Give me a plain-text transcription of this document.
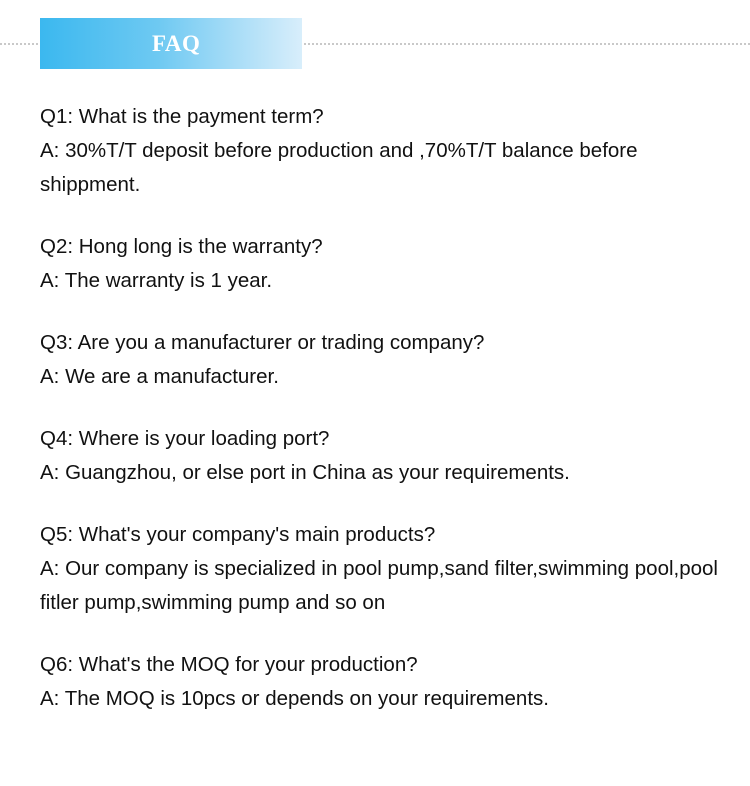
FAQ
Q1: What is the payment term?
A: 30%T/T deposit before production and ,70%T/T balance before shippment.
Q2: Hong long is the warranty?
A: The warranty is 1 year.
Q3: Are you a manufacturer or trading company?
A: We are a manufacturer.
Q4: Where is your loading port?
A: Guangzhou, or else port in China as your requirements.
Q5: What's your company's main products?
A: Our company is specialized in pool pump,sand filter,swimming pool,pool fitler pump,swimming pump and so on
Q6: What's the MOQ for your production?
A: The MOQ is 10pcs or depends on your requirements.
